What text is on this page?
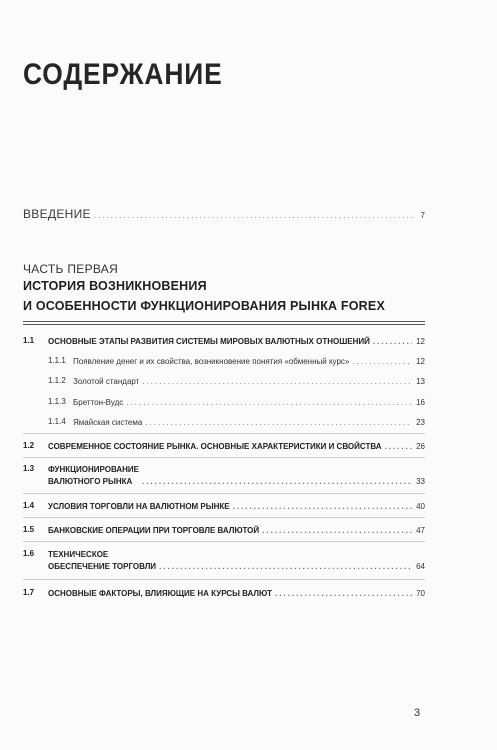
СОДЕРЖАНИЕ
ВВЕДЕНИЕ .....	7
ЧАСТЬ ПЕРВАЯ
ИСТОРИЯ ВОЗНИКНОВЕНИЯ
И ОСОБЕННОСТИ ФУНКЦИОНИРОВАНИЯ РЫНКА FOREX
1.1 ОСНОВНЫЕ ЭТАПЫ РАЗВИТИЯ СИСТЕМЫ МИРОВЫХ ВАЛЮТНЫХ ОТНОШЕНИЙ .....	12
1.1.1 Появление денег и их свойства, возникновение понятия «обменный курс» .....	12
1.1.2 Золотой стандарт .....	13
1.1.3 Бреттон-Вудс .....	16
1.1.4 Ямайская система .....	23
1.2 СОВРЕМЕННОЕ СОСТОЯНИЕ РЫНКА. ОСНОВНЫЕ ХАРАКТЕРИСТИКИ И СВОЙСТВА .....	26
1.3 ФУНКЦИОНИРОВАНИЕ
ВАЛЮТНОГО РЫНКА .....	33
1.4 УСЛОВИЯ ТОРГОВЛИ НА ВАЛЮТНОМ РЫНКЕ .....	40
1.5 БАНКОВСКИЕ ОПЕРАЦИИ ПРИ ТОРГОВЛЕ ВАЛЮТОЙ .....	47
1.6 ТЕХНИЧЕСКОЕ
ОБЕСПЕЧЕНИЕ ТОРГОВЛИ .....	64
1.7 ОСНОВНЫЕ ФАКТОРЫ, ВЛИЯЮЩИЕ НА КУРСЫ ВАЛЮТ .....	70
3
